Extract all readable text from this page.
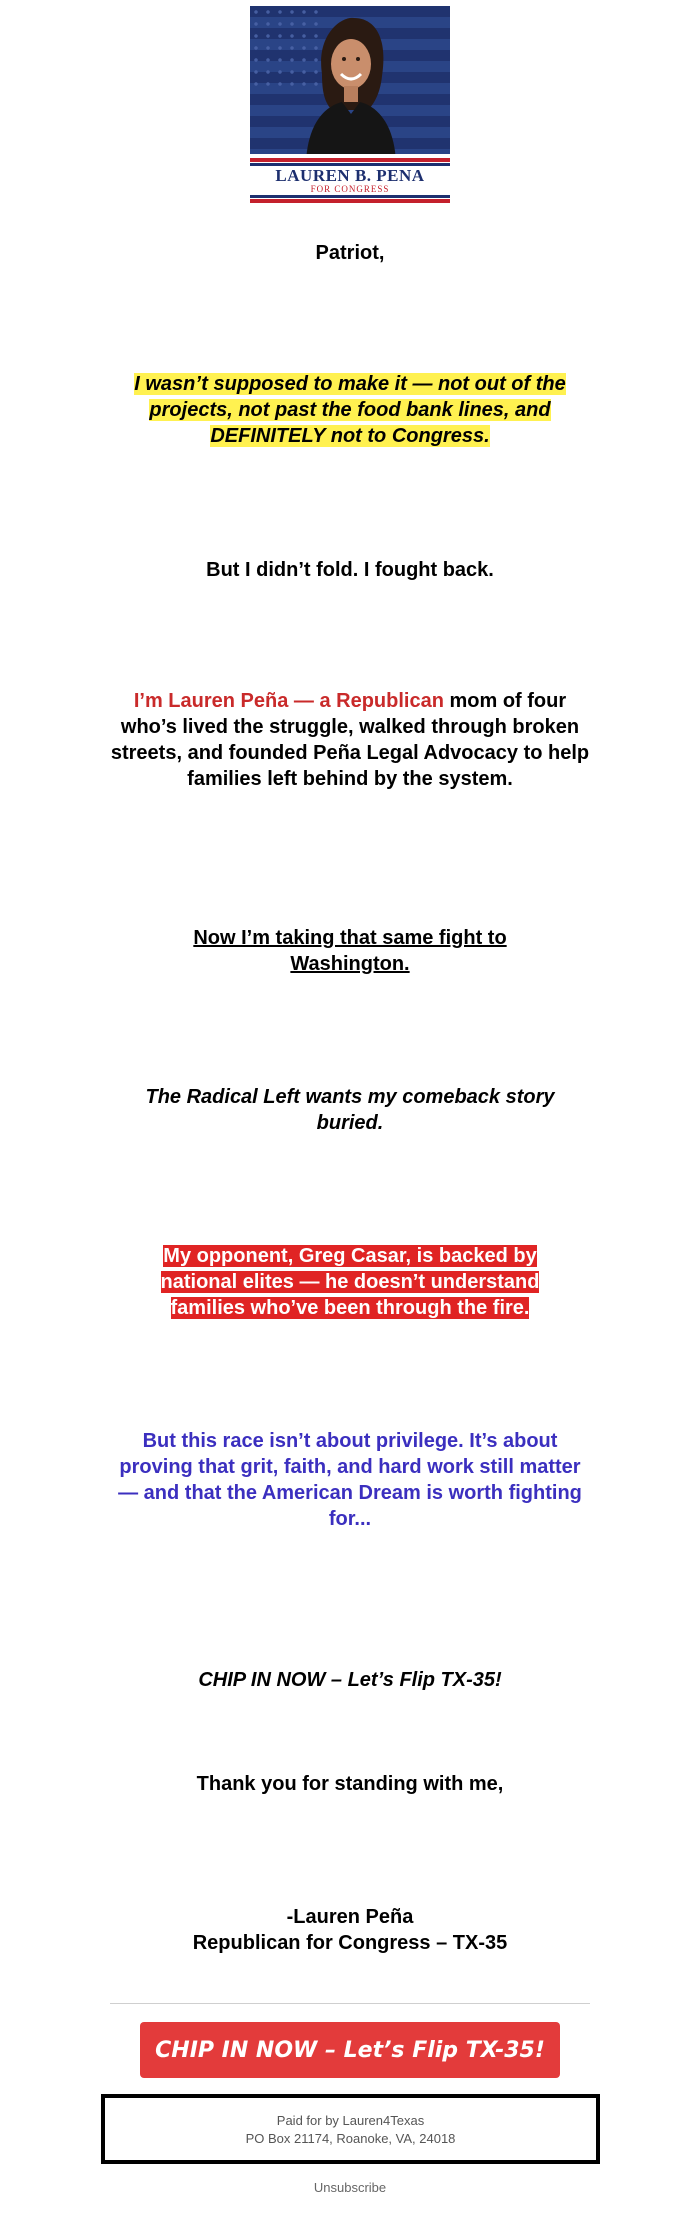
LAUREN B. PENA
FOR CONGRESS
Patriot,
I wasn’t supposed to make it — not out of the projects, not past the food bank lines, and DEFINITELY not to Congress.
But I didn’t fold. I fought back.
I’m Lauren Peña — a Republican mom of four who’s lived the struggle, walked through broken streets, and founded Peña Legal Advocacy to help families left behind by the system.
Now I’m taking that same fight to Washington.
The Radical Left wants my comeback story buried.
My opponent, Greg Casar, is backed by national elites — he doesn’t understand families who’ve been through the fire.
But this race isn’t about privilege. It’s about proving that grit, faith, and hard work still matter — and that the American Dream is worth fighting for...
CHIP IN NOW – Let’s Flip TX-35!
Thank you for standing with me,
-Lauren Peña
Republican for Congress – TX-35
CHIP IN NOW – Let’s Flip TX-35!
Paid for by Lauren4Texas
PO Box 21174, Roanoke, VA, 24018
Unsubscribe
